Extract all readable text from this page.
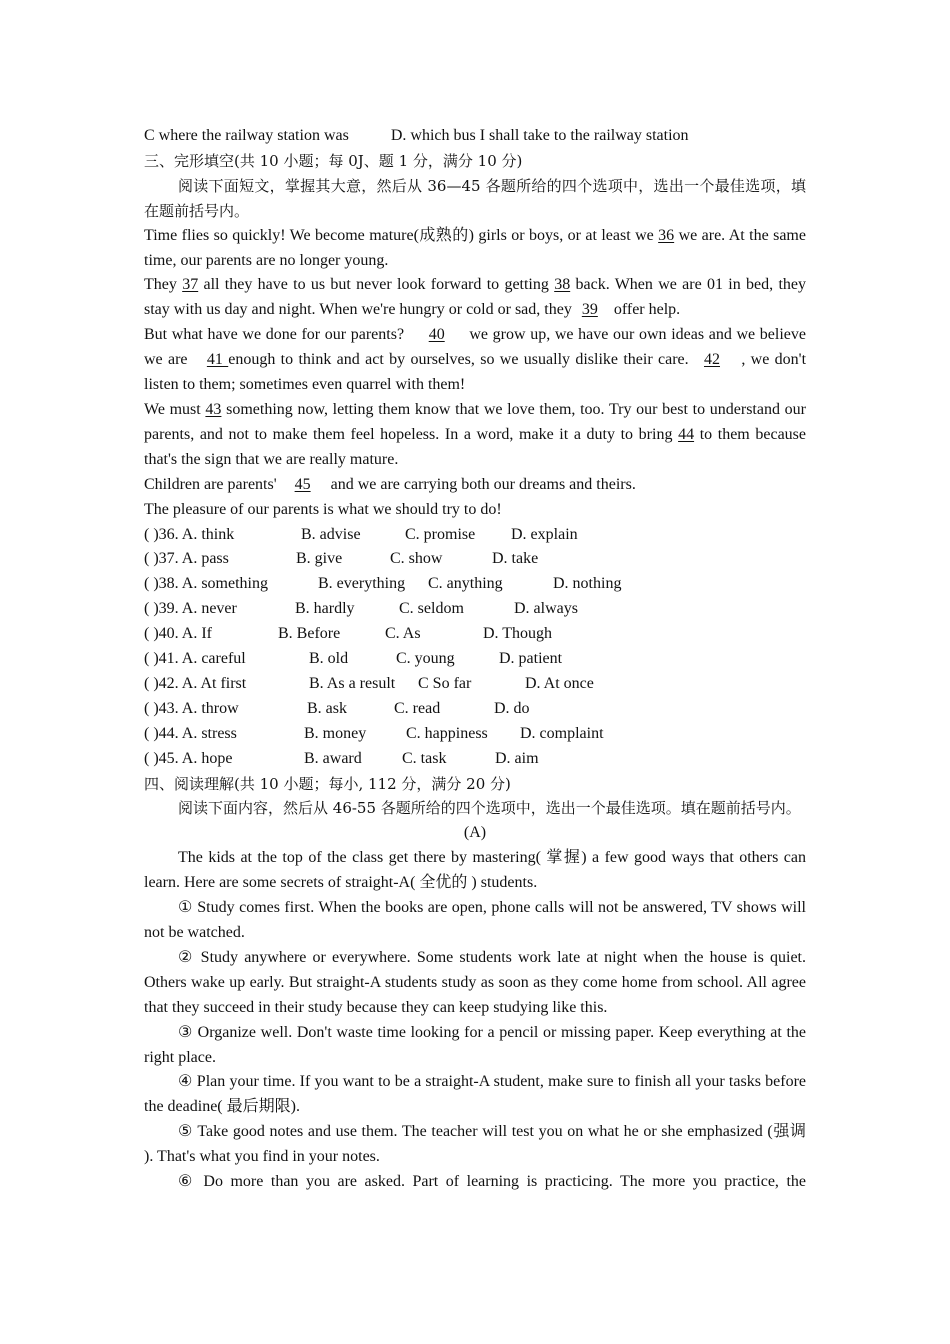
C where the railway station was	D. which bus I shall take to the railway station
三、完形填空(共 10 小题；每 0J、题 1 分，满分 10 分)
阅读下面短文，掌握其大意，然后从 36—45 各题所给的四个选项中，选出一个最佳选项，填在题前括号内。
Time flies so quickly! We become mature(成熟的) girls or boys, or at least we 36 we are. At the same time, our parents are no longer young.
They 37 all they have to us but never look forward to getting 38 back. When we are 01 in bed, they stay with us day and night. When we're hungry or cold or sad, they 39 offer help.
But what have we done for our parents? 40 we grow up, we have our own ideas and we believe we are 41 enough to think and act by ourselves, so we usually dislike their care. 42 , we don't listen to them; sometimes even quarrel with them!
We must 43 something now, letting them know that we love them, too. Try our best to understand our parents, and not to make them feel hopeless. In a word, make it a duty to bring 44 to them because that's the sign that we are really mature.
Children are parents' 45 and we are carrying both our dreams and theirs.
The pleasure of our parents is what we should try to do!
( )36. A. think	B. advise	C. promise	D. explain
( )37. A. pass	B. give	C. show	D. take
( )38. A. something	B. everything	C. anything	D. nothing
( )39. A. never	B. hardly	C. seldom	D. always
( )40. A. If	B. Before	C. As	D. Though
( )41. A. careful	B. old	C. young	D. patient
( )42. A. At first	B. As a result	C So far	D. At once
( )43. A. throw	B. ask	C. read	D. do
( )44. A. stress	B. money	C. happiness	D. complaint
( )45. A. hope	B. award	C. task	D. aim
四、阅读理解(共 10 小题；每小, 112 分，满分 20 分)
阅读下面内容，然后从 46-55 各题所给的四个选项中，选出一个最佳选项。填在题前括号内。
(A)
The kids at the top of the class get there by mastering( 掌握) a few good ways that others can learn. Here are some secrets of straight-A( 全优的 ) students.
① Study comes first. When the books are open, phone calls will not be answered, TV shows will not be watched.
② Study anywhere or everywhere. Some students work late at night when the house is quiet. Others wake up early. But straight-A students study as soon as they come home from school. All agree that they succeed in their study because they can keep studying like this.
③ Organize well. Don't waste time looking for a pencil or missing paper. Keep everything at the right place.
④ Plan your time. If you want to be a straight-A student, make sure to finish all your tasks before the deadine( 最后期限).
⑤ Take good notes and use them. The teacher will test you on what he or she emphasized (强调 ). That's what you find in your notes.
⑥ Do more than you are asked. Part of learning is practicing. The more you practice, the
